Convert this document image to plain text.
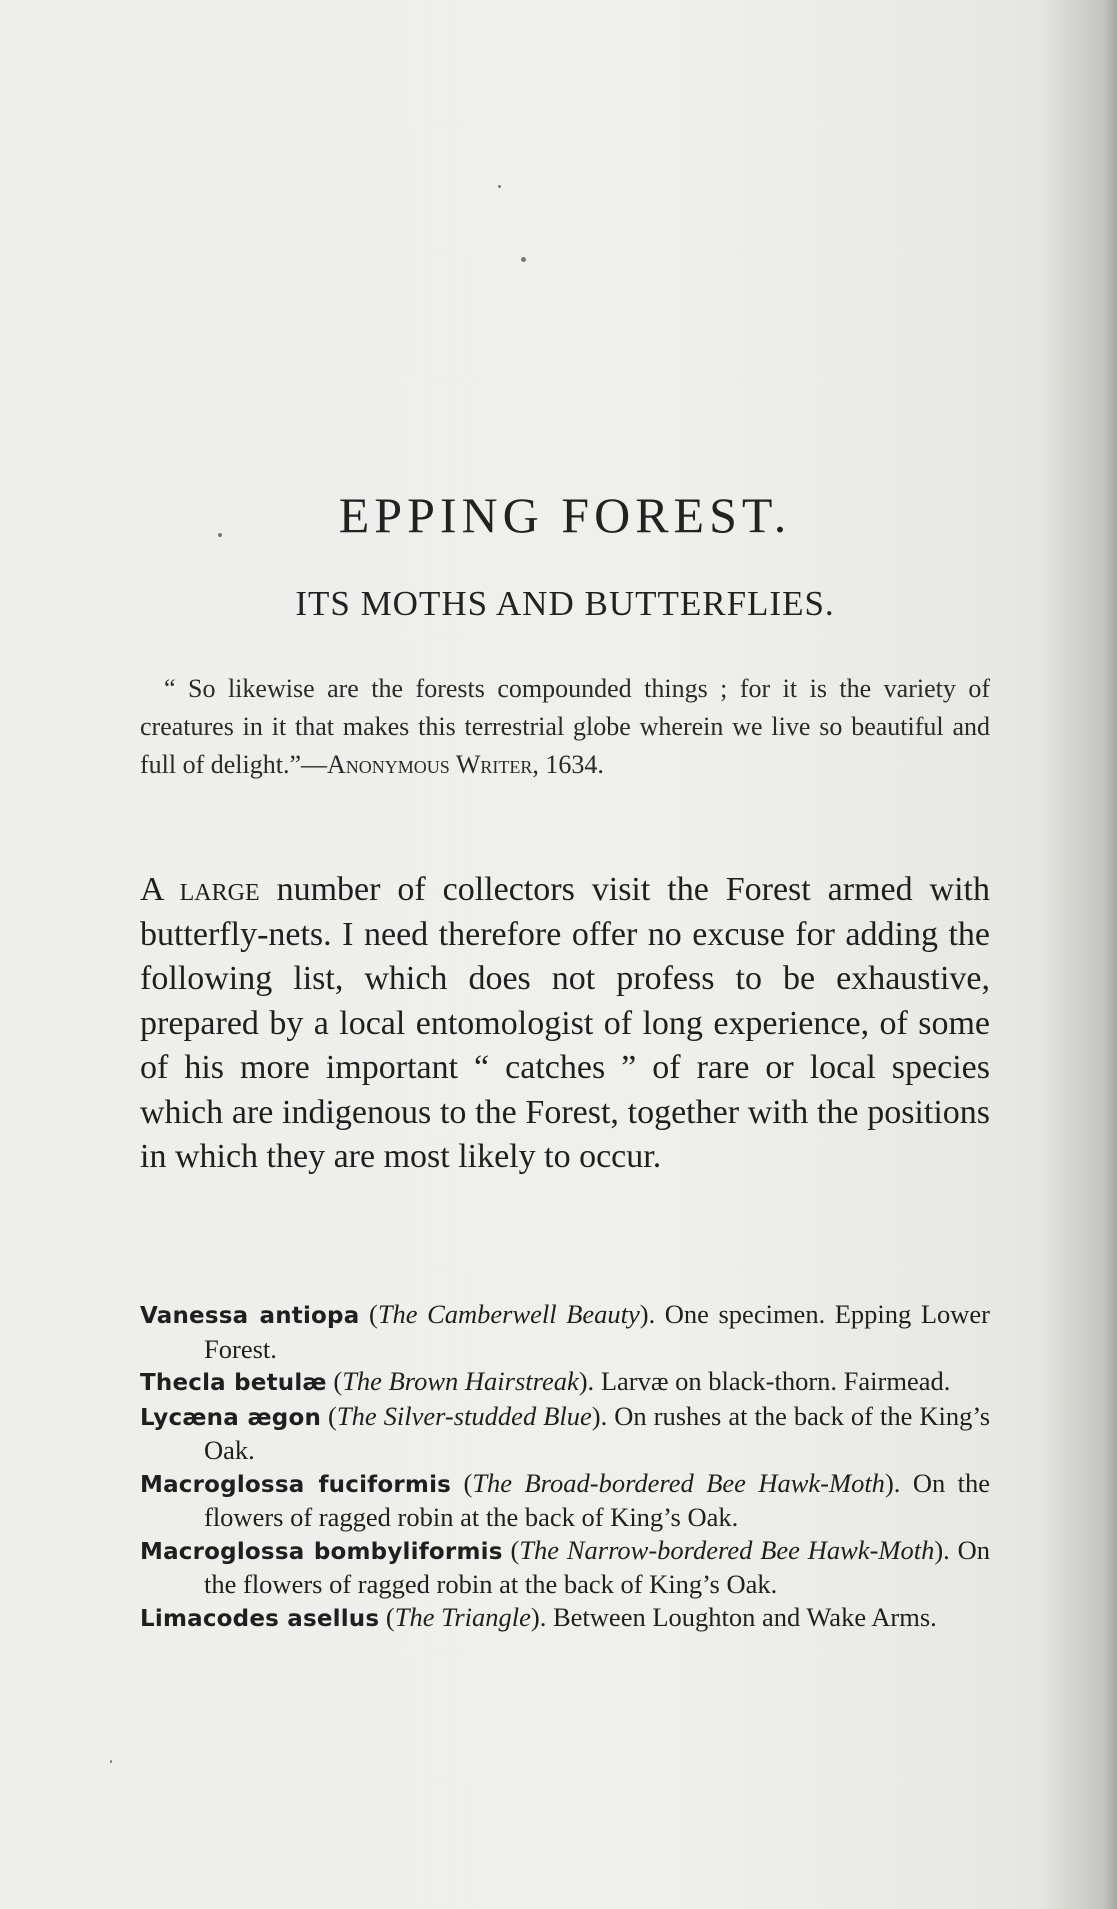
EPPING FOREST.
ITS MOTHS AND BUTTERFLIES.

“ So likewise are the forests compounded things ; for it is the variety of creatures in it that makes this terrestrial globe wherein we live so beautiful and full of delight.”—Anonymous Writer, 1634.

A large number of collectors visit the Forest armed with butterfly-nets. I need therefore offer no excuse for adding the following list, which does not profess to be exhaustive, prepared by a local entomologist of long experience, of some of his more important “ catches ” of rare or local species which are indigenous to the Forest, together with the positions in which they are most likely to occur.

Vanessa antiopa (The Camberwell Beauty). One specimen. Epping Lower Forest.
Thecla betulæ (The Brown Hairstreak). Larvæ on black-thorn. Fairmead.
Lycæna ægon (The Silver-studded Blue). On rushes at the back of the King’s Oak.
Macroglossa fuciformis (The Broad-bordered Bee Hawk-Moth). On the flowers of ragged robin at the back of King’s Oak.
Macroglossa bombyliformis (The Narrow-bordered Bee Hawk-Moth). On the flowers of ragged robin at the back of King’s Oak.
Limacodes asellus (The Triangle). Between Loughton and Wake Arms.
